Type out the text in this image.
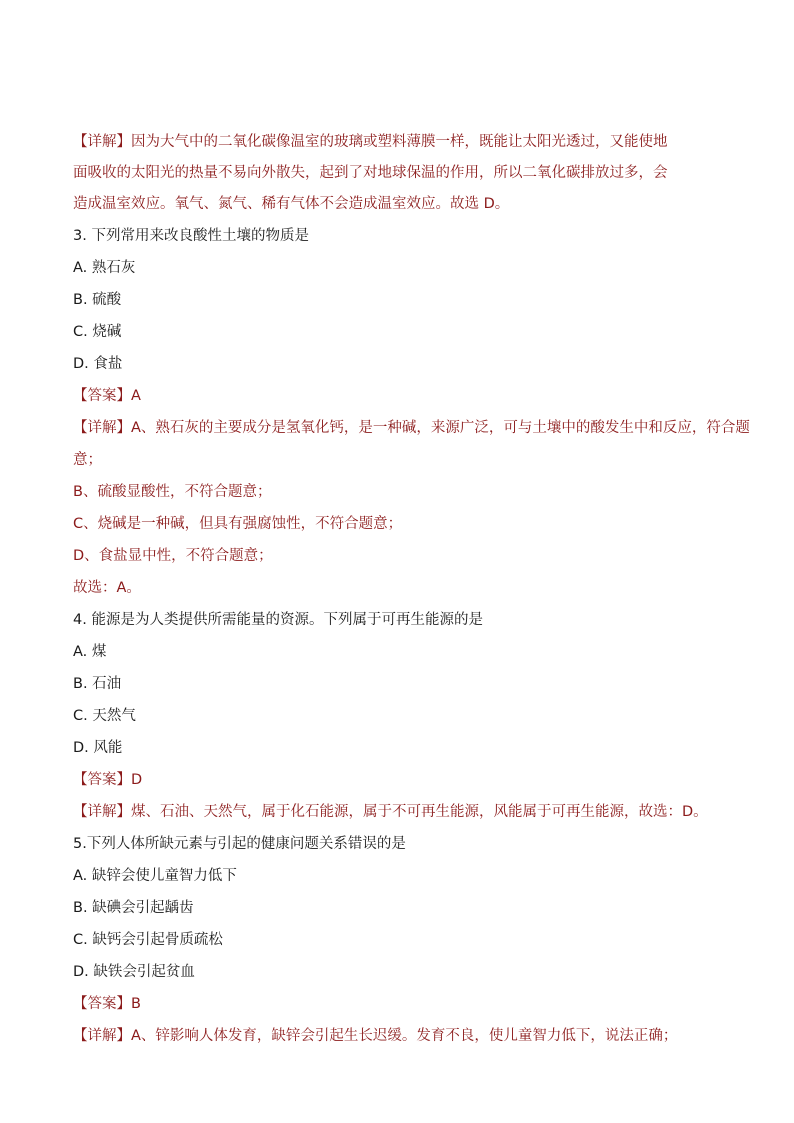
【详解】因为大气中的二氧化碳像温室的玻璃或塑料薄膜一样，既能让太阳光透过，又能使地
面吸收的太阳光的热量不易向外散失，起到了对地球保温的作用，所以二氧化碳排放过多，会
造成温室效应。氧气、氮气、稀有气体不会造成温室效应。故选 D。
3. 下列常用来改良酸性土壤的物质是
A. 熟石灰
B. 硫酸
C. 烧碱
D. 食盐
【答案】A
【详解】A、熟石灰的主要成分是氢氧化钙，是一种碱，来源广泛，可与土壤中的酸发生中和反应，符合题
意；
B、硫酸显酸性，不符合题意；
C、烧碱是一种碱，但具有强腐蚀性，不符合题意；
D、食盐显中性，不符合题意；
故选：A。
4. 能源是为人类提供所需能量的资源。下列属于可再生能源的是
A. 煤
B. 石油
C. 天然气
D. 风能
【答案】D
【详解】煤、石油、天然气，属于化石能源，属于不可再生能源，风能属于可再生能源，故选：D。
5.下列人体所缺元素与引起的健康问题关系错误的是
A. 缺锌会使儿童智力低下
B. 缺碘会引起龋齿
C. 缺钙会引起骨质疏松
D. 缺铁会引起贫血
【答案】B
【详解】A、锌影响人体发育，缺锌会引起生长迟缓。发育不良，使儿童智力低下，说法正确；
